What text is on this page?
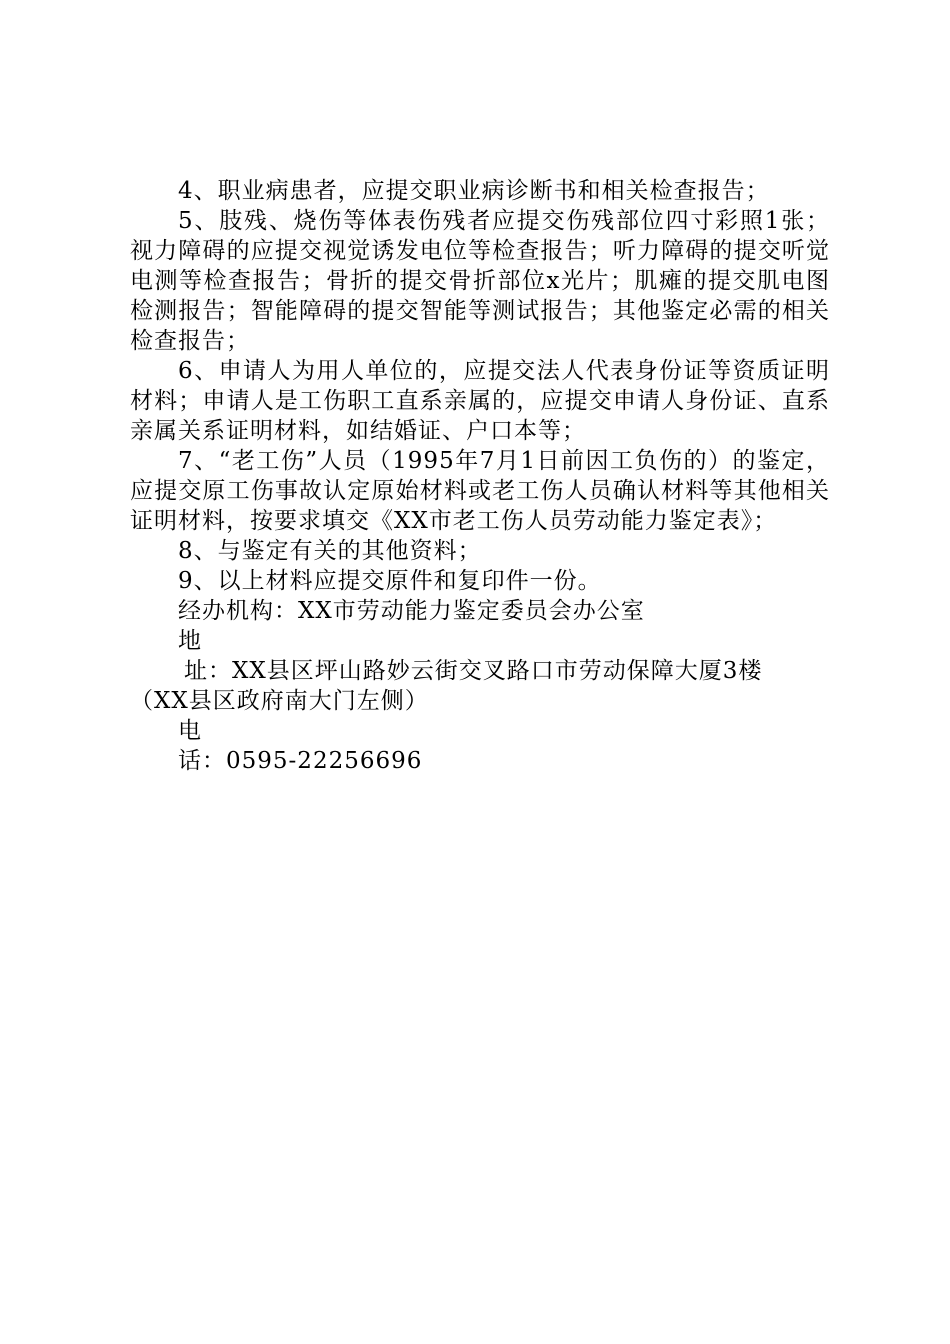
4、职业病患者，应提交职业病诊断书和相关检查报告；

5、肢残、烧伤等体表伤残者应提交伤残部位四寸彩照1张；视力障碍的应提交视觉诱发电位等检查报告；听力障碍的提交听觉电测等检查报告；骨折的提交骨折部位x光片；肌瘫的提交肌电图检测报告；智能障碍的提交智能等测试报告；其他鉴定必需的相关检查报告；

6、申请人为用人单位的，应提交法人代表身份证等资质证明材料；申请人是工伤职工直系亲属的，应提交申请人身份证、直系亲属关系证明材料，如结婚证、户口本等；

7、“老工伤”人员（1995年7月1日前因工负伤的）的鉴定，应提交原工伤事故认定原始材料或老工伤人员确认材料等其他相关证明材料，按要求填交《XX市老工伤人员劳动能力鉴定表》；

8、与鉴定有关的其他资料；

9、以上材料应提交原件和复印件一份。

经办机构：XX市劳动能力鉴定委员会办公室

地

址：XX县区坪山路妙云街交叉路口市劳动保障大厦3楼

（XX县区政府南大门左侧）

电

话：0595-22256696
